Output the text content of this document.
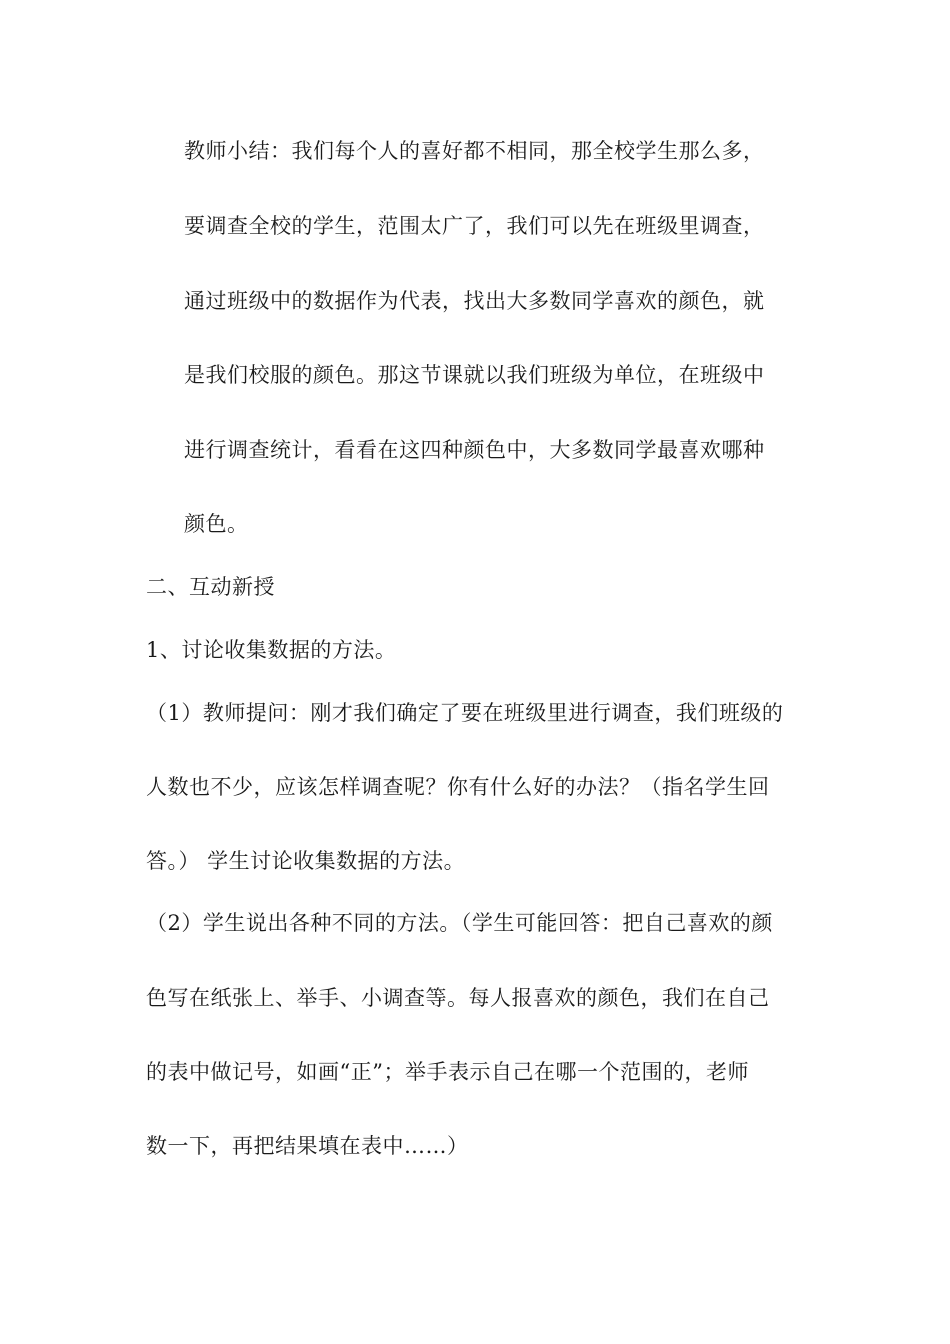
教师小结：我们每个人的喜好都不相同，那全校学生那么多，
要调查全校的学生，范围太广了，我们可以先在班级里调查，
通过班级中的数据作为代表，找出大多数同学喜欢的颜色，就
是我们校服的颜色。那这节课就以我们班级为单位，在班级中
进行调查统计，看看在这四种颜色中，大多数同学最喜欢哪种
颜色。
二、互动新授
1、讨论收集数据的方法。
（1）教师提问：刚才我们确定了要在班级里进行调查，我们班级的
人数也不少，应该怎样调查呢？你有什么好的办法？（指名学生回
答。） 学生讨论收集数据的方法。
（2）学生说出各种不同的方法。（学生可能回答：把自己喜欢的颜
色写在纸张上、举手、小调查等。每人报喜欢的颜色，我们在自己
的表中做记号，如画“正”；举手表示自己在哪一个范围的，老师
数一下，再把结果填在表中……）
